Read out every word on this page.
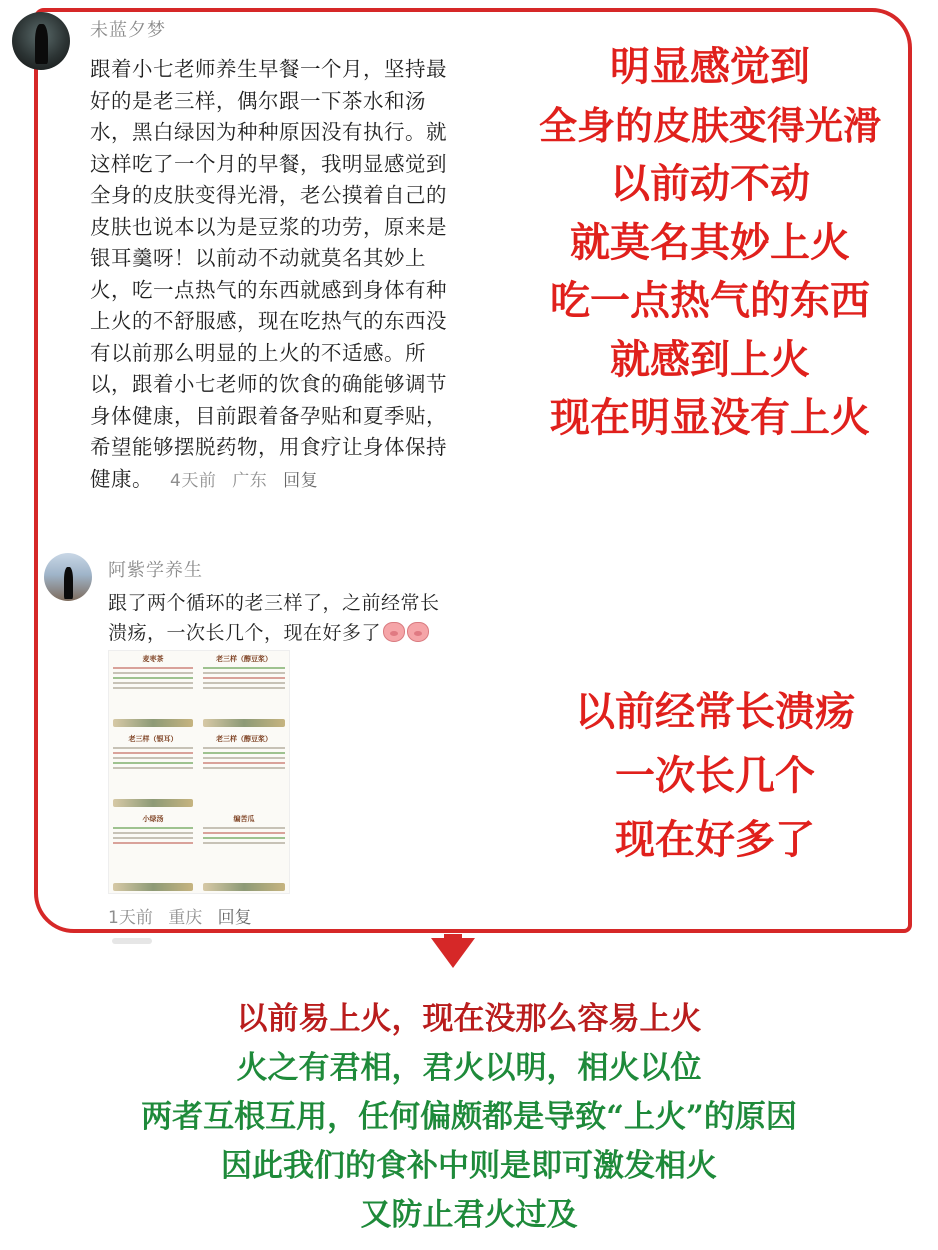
未蓝夕梦
跟着小七老师养生早餐一个月，坚持最
好的是老三样，偶尔跟一下茶水和汤
水，黑白绿因为种种原因没有执行。就
这样吃了一个月的早餐，我明显感觉到
全身的皮肤变得光滑，老公摸着自己的
皮肤也说本以为是豆浆的功劳，原来是
银耳羹呀！以前动不动就莫名其妙上
火，吃一点热气的东西就感到身体有种
上火的不舒服感，现在吃热气的东西没
有以前那么明显的上火的不适感。所
以，跟着小七老师的饮食的确能够调节
身体健康，目前跟着备孕贴和夏季贴，
希望能够摆脱药物，用食疗让身体保持
健康。 4天前 广东 回复
明显感觉到
全身的皮肤变得光滑
以前动不动
就莫名其妙上火
吃一点热气的东西
就感到上火
现在明显没有上火
阿紫学养生
跟了两个循环的老三样了，之前经常长
溃疡，一次长几个，现在好多了
麦枣茶	老三样（醇豆浆）
老三样（银耳）	老三样（醇豆浆）
小绿汤	编苦瓜
1天前 重庆 回复
以前经常长溃疡
一次长几个
现在好多了
以前易上火，现在没那么容易上火
火之有君相，君火以明，相火以位
两者互根互用，任何偏颇都是导致“上火”的原因
因此我们的食补中则是即可激发相火
又防止君火过及
